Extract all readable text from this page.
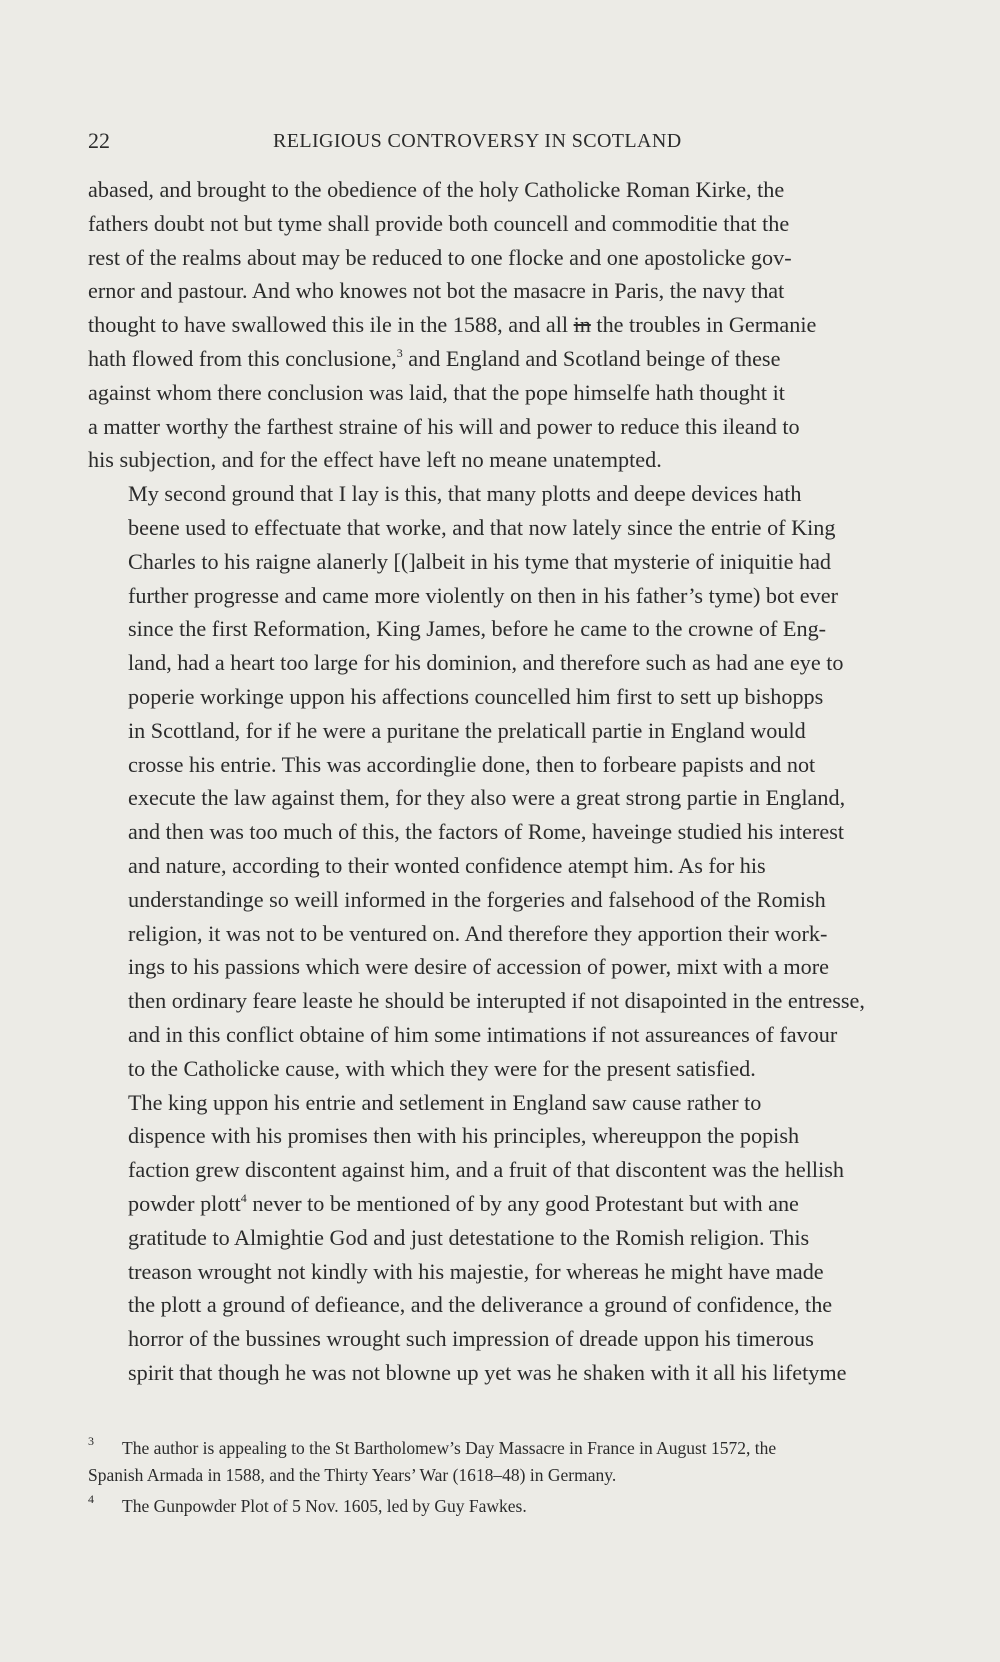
22	RELIGIOUS CONTROVERSY IN SCOTLAND

abased, and brought to the obedience of the holy Catholicke Roman Kirke, the
fathers doubt not but tyme shall provide both councell and commoditie that the
rest of the realms about may be reduced to one flocke and one apostolicke gov-
ernor and pastour. And who knowes not bot the masacre in Paris, the navy that
thought to have swallowed this ile in the 1588, and all in the troubles in Germanie
hath flowed from this conclusione,$^3$ and England and Scotland beinge of these
against whom there conclusion was laid, that the pope himselfe hath thought it
a matter worthy the farthest straine of his will and power to reduce this ileand to
his subjection, and for the effect have left no meane unatempted.

My second ground that I lay is this, that many plotts and deepe devices hath
beene used to effectuate that worke, and that now lately since the entrie of King
Charles to his raigne alanerly [(]albeit in his tyme that mysterie of iniquitie had
further progresse and came more violently on then in his father’s tyme) bot ever
since the first Reformation, King James, before he came to the crowne of Eng-
land, had a heart too large for his dominion, and therefore such as had ane eye to
poperie workinge uppon his affections councelled him first to sett up bishopps
in Scottland, for if he were a puritane the prelaticall partie in England would
crosse his entrie. This was accordinglie done, then to forbeare papists and not
execute the law against them, for they also were a great strong partie in England,
and then was too much of this, the factors of Rome, haveinge studied his interest
and nature, according to their wonted confidence atempt him. As for his
understandinge so weill informed in the forgeries and falsehood of the Romish
religion, it was not to be ventured on. And therefore they apportion their work-
ings to his passions which were desire of accession of power, mixt with a more
then ordinary feare leaste he should be interupted if not disapointed in the entresse,
and in this conflict obtaine of him some intimations if not assureances of favour
to the Catholicke cause, with which they were for the present satisfied.

The king uppon his entrie and setlement in England saw cause rather to
dispence with his promises then with his principles, whereuppon the popish
faction grew discontent against him, and a fruit of that discontent was the hellish
powder plott$^4$ never to be mentioned of by any good Protestant but with ane
gratitude to Almightie God and just detestatione to the Romish religion. This
treason wrought not kindly with his majestie, for whereas he might have made
the plott a ground of defieance, and the deliverance a ground of confidence, the
horror of the bussines wrought such impression of dreade uppon his timerous
spirit that though he was not blowne up yet was he shaken with it all his lifetyme

3 The author is appealing to the St Bartholomew’s Day Massacre in France in August 1572, the
Spanish Armada in 1588, and the Thirty Years’ War (1618–48) in Germany.

4 The Gunpowder Plot of 5 Nov. 1605, led by Guy Fawkes.
